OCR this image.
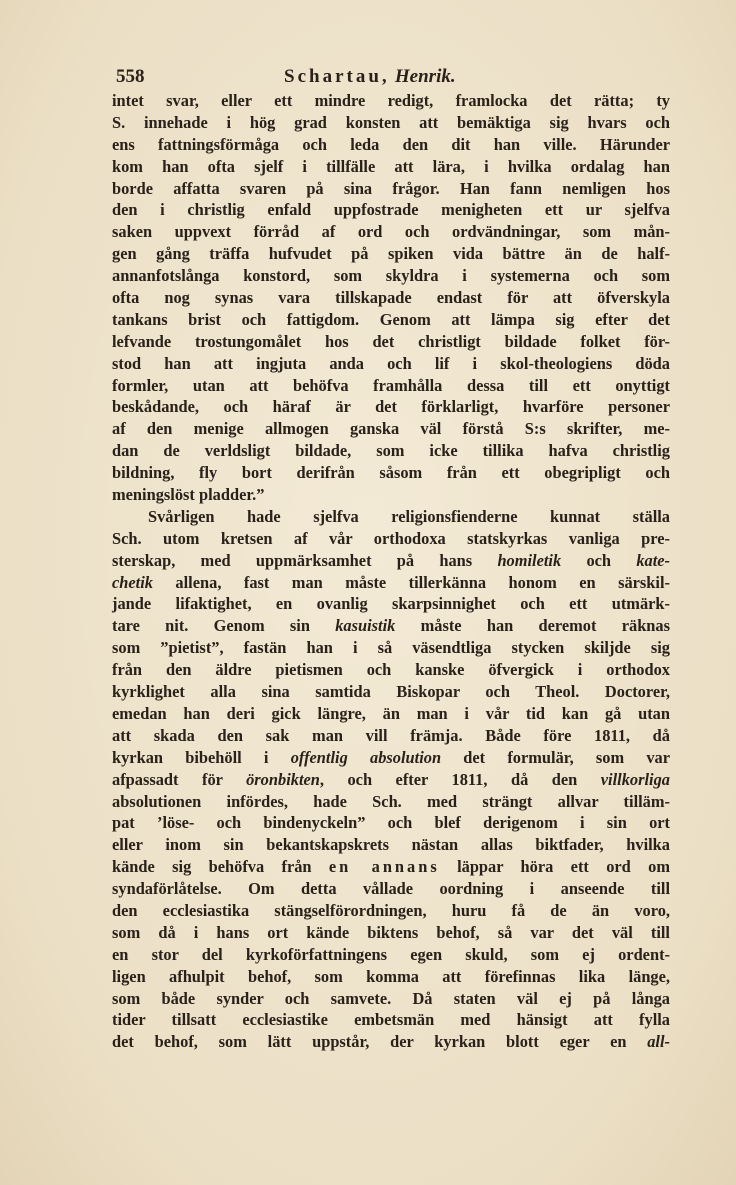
558	Schartau, Henrik.
intet svar, eller ett mindre redigt, framlocka det rätta; ty
S. innehade i hög grad konsten att bemäktiga sig hvars och
ens fattningsförmåga och leda den dit han ville. Härunder
kom han ofta sjelf i tillfälle att lära, i hvilka ordalag han
borde affatta svaren på sina frågor. Han fann nemligen hos
den i christlig enfald uppfostrade menigheten ett ur sjelfva
saken uppvext förråd af ord och ordvändningar, som mån-
gen gång träffa hufvudet på spiken vida bättre än de half-
annanfotslånga konstord, som skyldra i systemerna och som
ofta nog synas vara tillskapade endast för att öfverskyla
tankans brist och fattigdom. Genom att lämpa sig efter det
lefvande trostungomålet hos det christligt bildade folket för-
stod han att ingjuta anda och lif i skol-theologiens döda
formler, utan att behöfva framhålla dessa till ett onyttigt
beskådande, och häraf är det förklarligt, hvarföre personer
af den menige allmogen ganska väl förstå S:s skrifter, me-
dan de verldsligt bildade, som icke tillika hafva christlig
bildning, fly bort derifrån såsom från ett obegripligt och
meningslöst pladder.”
Svårligen hade sjelfva religionsfienderne kunnat ställa
Sch. utom kretsen af vår orthodoxa statskyrkas vanliga pre-
sterskap, med uppmärksamhet på hans homiletik och kate-
chetik allena, fast man måste tillerkänna honom en särskil-
jande lifaktighet, en ovanlig skarpsinnighet och ett utmärk-
tare nit. Genom sin kasuistik måste han deremot räknas
som ”pietist”, fastän han i så väsendtliga stycken skiljde sig
från den äldre pietismen och kanske öfvergick i orthodox
kyrklighet alla sina samtida Biskopar och Theol. Doctorer,
emedan han deri gick längre, än man i vår tid kan gå utan
att skada den sak man vill främja. Både före 1811, då
kyrkan bibehöll i offentlig absolution det formulär, som var
afpassadt för öronbikten, och efter 1811, då den villkorliga
absolutionen infördes, hade Sch. med strängt allvar tilläm-
pat ’löse- och bindenyckeln” och blef derigenom i sin ort
eller inom sin bekantskapskrets nästan allas biktfader, hvilka
kände sig behöfva från en annans läppar höra ett ord om
syndaförlåtelse. Om detta vållade oordning i anseende till
den ecclesiastika stängselförordningen, huru få de än voro,
som då i hans ort kände biktens behof, så var det väl till
en stor del kyrkoförfattningens egen skuld, som ej ordent-
ligen afhulpit behof, som komma att förefinnas lika länge,
som både synder och samvete. Då staten väl ej på långa
tider tillsatt ecclesiastike embetsmän med hänsigt att fylla
det behof, som lätt uppstår, der kyrkan blott eger en all-
